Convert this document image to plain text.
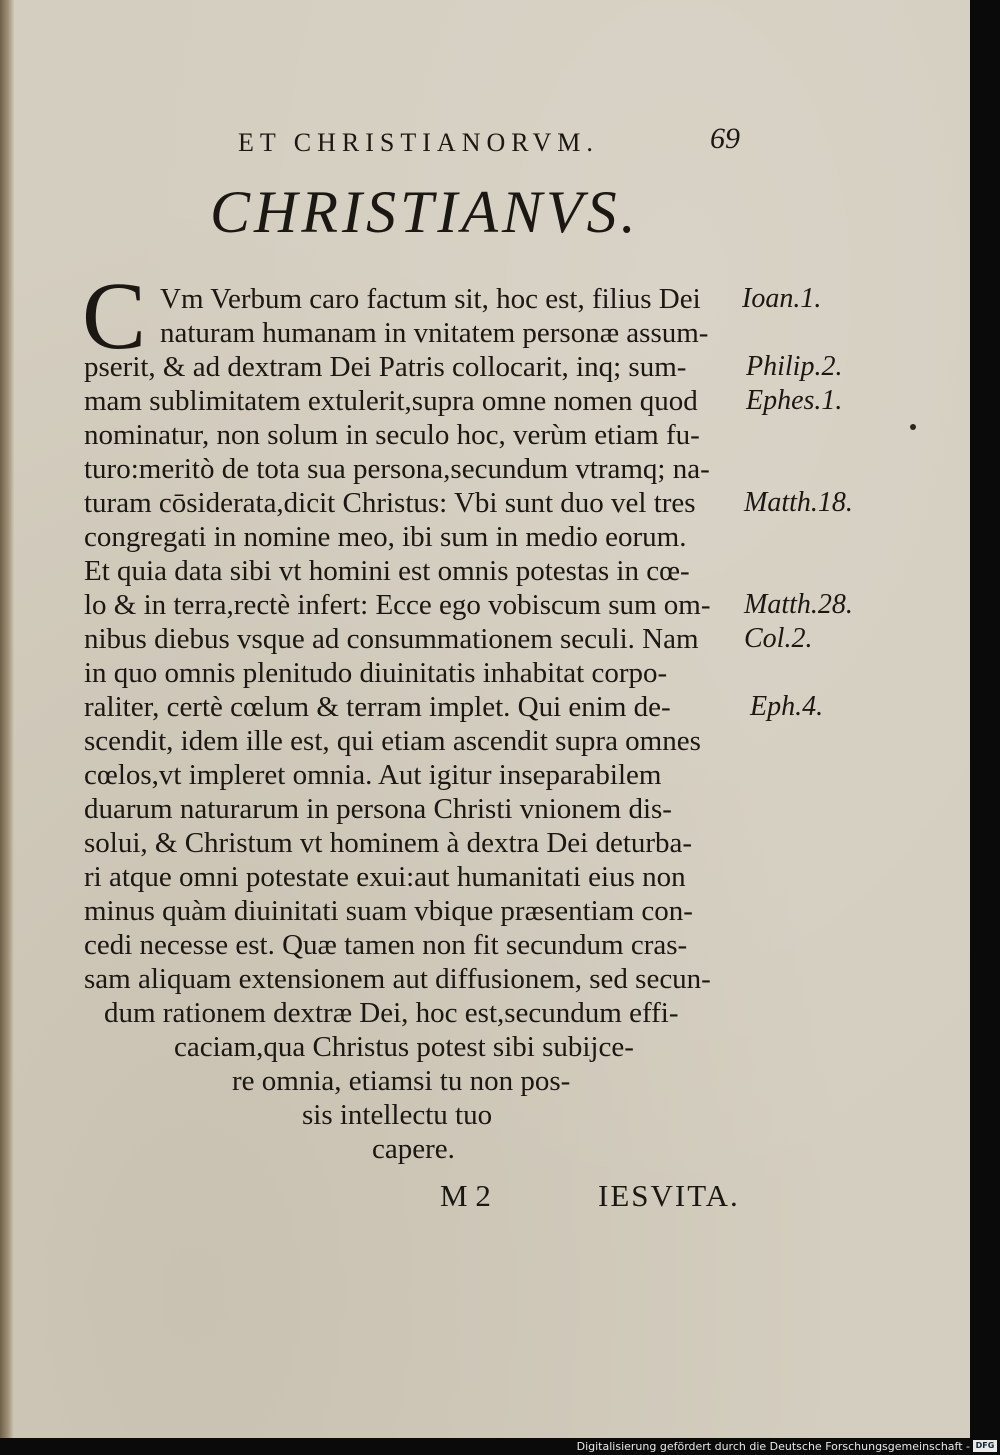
ET CHRISTIANORVM.	69
CHRISTIANVS.
C Vm Verbum caro factum sit, hoc est, filius Dei
naturam humanam in vnitatem personæ assum-
pserit, & ad dextram Dei Patris collocarit, inq; sum-
mam sublimitatem extulerit,supra omne nomen quod
nominatur, non solum in seculo hoc, verùm etiam fu-
turo:meritò de tota sua persona,secundum vtramq; na-
turam cōsiderata,dicit Christus: Vbi sunt duo vel tres
congregati in nomine meo, ibi sum in medio eorum.
Et quia data sibi vt homini est omnis potestas in cœ-
lo & in terra,rectè infert: Ecce ego vobiscum sum om-
nibus diebus vsque ad consummationem seculi. Nam
in quo omnis plenitudo diuinitatis inhabitat corpo-
raliter, certè cœlum & terram implet. Qui enim de-
scendit, idem ille est, qui etiam ascendit supra omnes
cœlos,vt impleret omnia. Aut igitur inseparabilem
duarum naturarum in persona Christi vnionem dis-
solui, & Christum vt hominem à dextra Dei deturba-
ri atque omni potestate exui:aut humanitati eius non
minus quàm diuinitati suam vbique præsentiam con-
cedi necesse est. Quæ tamen non fit secundum cras-
sam aliquam extensionem aut diffusionem, sed secun-
dum rationem dextræ Dei, hoc est,secundum effi-
caciam,qua Christus potest sibi subijce-
re omnia, etiamsi tu non pos-
sis intellectu tuo
capere.
Ioan.1.
Philip.2.
Ephes.1.
Matth.18.
Matth.28.
Col.2.
Eph.4.
M 2	IESVITA.
Digitalisierung gefördert durch die Deutsche Forschungsgemeinschaft - DFG
